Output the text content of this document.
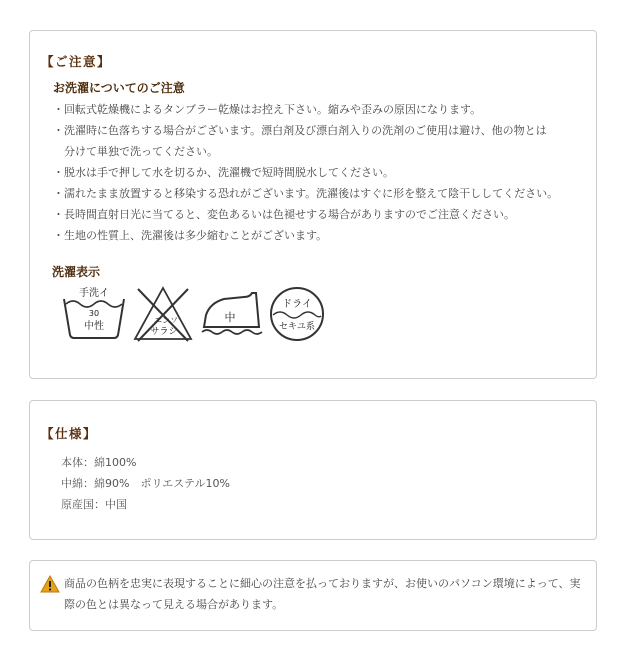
【ご注意】
お洗濯についてのご注意
・回転式乾燥機によるタンブラー乾燥はお控え下さい。縮みや歪みの原因になります。
・洗濯時に色落ちする場合がございます。漂白剤及び漂白剤入りの洗剤のご使用は避け、他の物とは
　分けて単独で洗ってください。
・脱水は手で押して水を切るか、洗濯機で短時間脱水してください。
・濡れたまま放置すると移染する恐れがございます。洗濯後はすぐに形を整えて陰干ししてください。
・長時間直射日光に当てると、変色あるいは色褪せする場合がありますのでご注意ください。
・生地の性質上、洗濯後は多少縮むことがございます。
洗濯表示
手洗イ
30
中性
エンソ
サラシ
中
ドライ
セキユ系
【仕様】
本体：綿100%
中綿：綿90%　ポリエステル10%
原産国：中国
商品の色柄を忠実に表現することに細心の注意を払っておりますが、お使いのパソコン環境によって、実際の色とは異なって見える場合があります。
